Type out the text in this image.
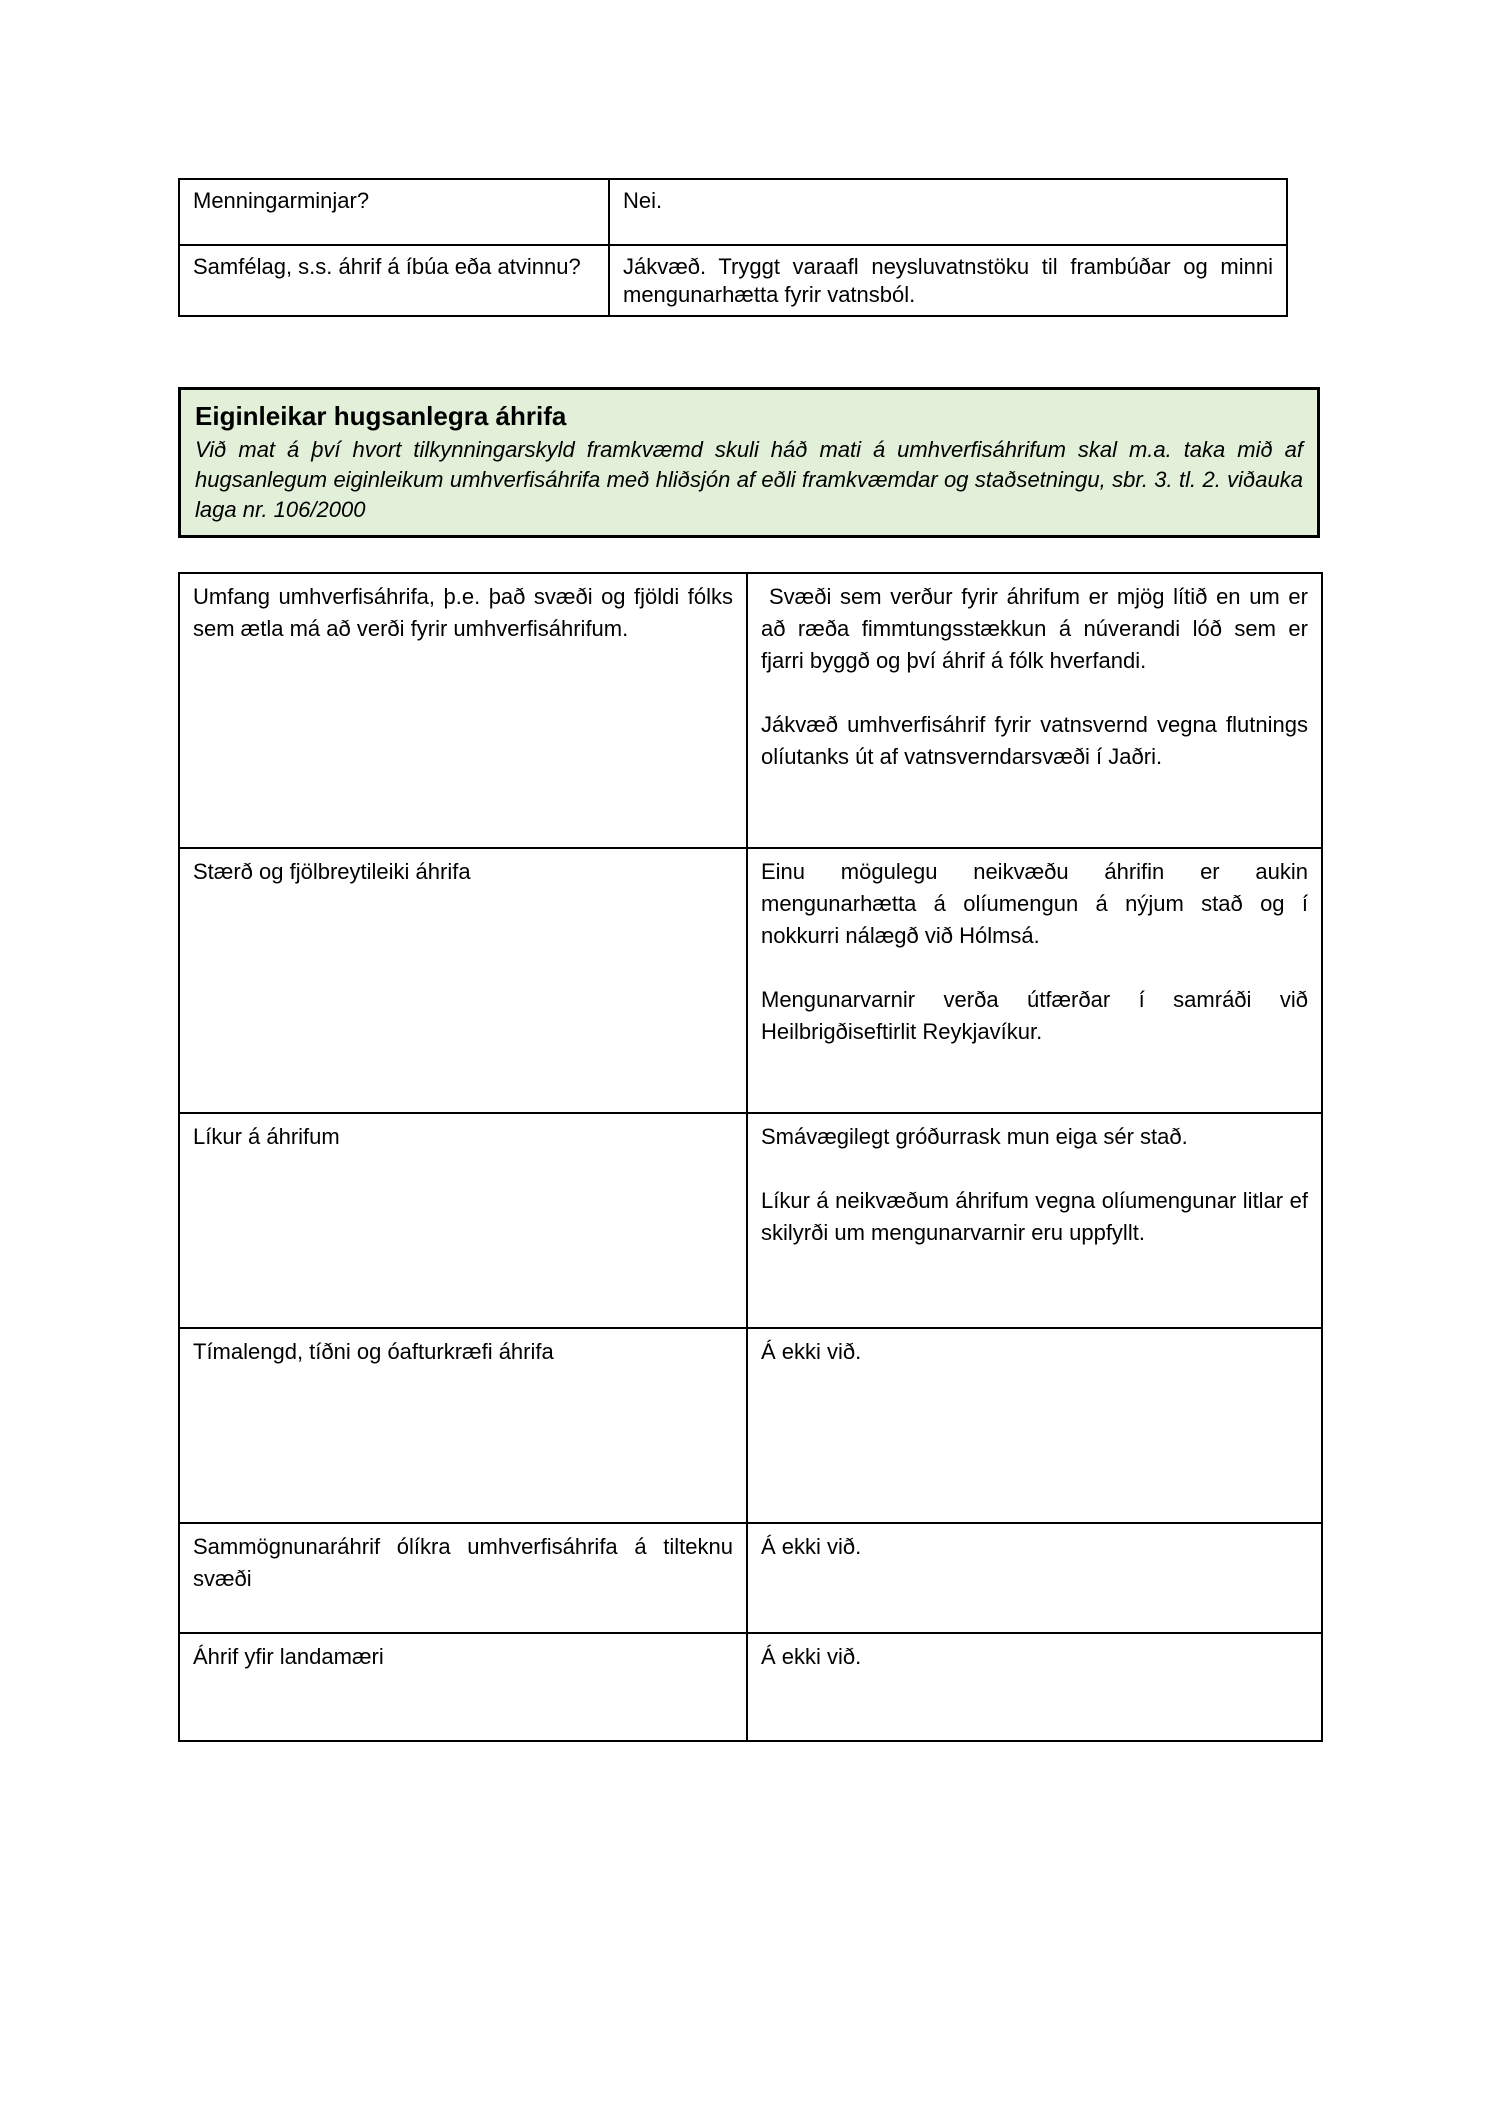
Menningarminjar?	Nei.
Samfélag, s.s. áhrif á íbúa eða atvinnu?	Jákvæð. Tryggt varaafl neysluvatnstöku til frambúðar og minni mengunarhætta fyrir vatnsból.
Eiginleikar hugsanlegra áhrifa
Við mat á því hvort tilkynningarskyld framkvæmd skuli háð mati á umhverfisáhrifum skal m.a. taka mið af hugsanlegum eiginleikum umhverfisáhrifa með hliðsjón af eðli framkvæmdar og staðsetningu, sbr. 3. tl. 2. viðauka laga nr. 106/2000
Umfang umhverfisáhrifa, þ.e. það svæði og fjöldi fólks sem ætla má að verði fyrir umhverfisáhrifum.	Svæði sem verður fyrir áhrifum er mjög lítið en um er að ræða fimmtungsstækkun á núverandi lóð sem er fjarri byggð og því áhrif á fólk hverfandi.

Jákvæð umhverfisáhrif fyrir vatnsvernd vegna flutnings olíutanks út af vatnsverndarsvæði í Jaðri.

Stærð og fjölbreytileiki áhrifa	Einu mögulegu neikvæðu áhrifin er aukin mengunarhætta á olíumengun á nýjum stað og í nokkurri nálægð við Hólmsá.

Mengunarvarnir verða útfærðar í samráði við Heilbrigðiseftirlit Reykjavíkur.

Líkur á áhrifum	Smávægilegt gróðurrask mun eiga sér stað.

Líkur á neikvæðum áhrifum vegna olíumengunar litlar ef skilyrði um mengunarvarnir eru uppfyllt.

Tímalengd, tíðni og óafturkræfi áhrifa	Á ekki við.

Sammögnunaráhrif ólíkra umhverfisáhrifa á tilteknu svæði	Á ekki við.

Áhrif yfir landamæri	Á ekki við.
